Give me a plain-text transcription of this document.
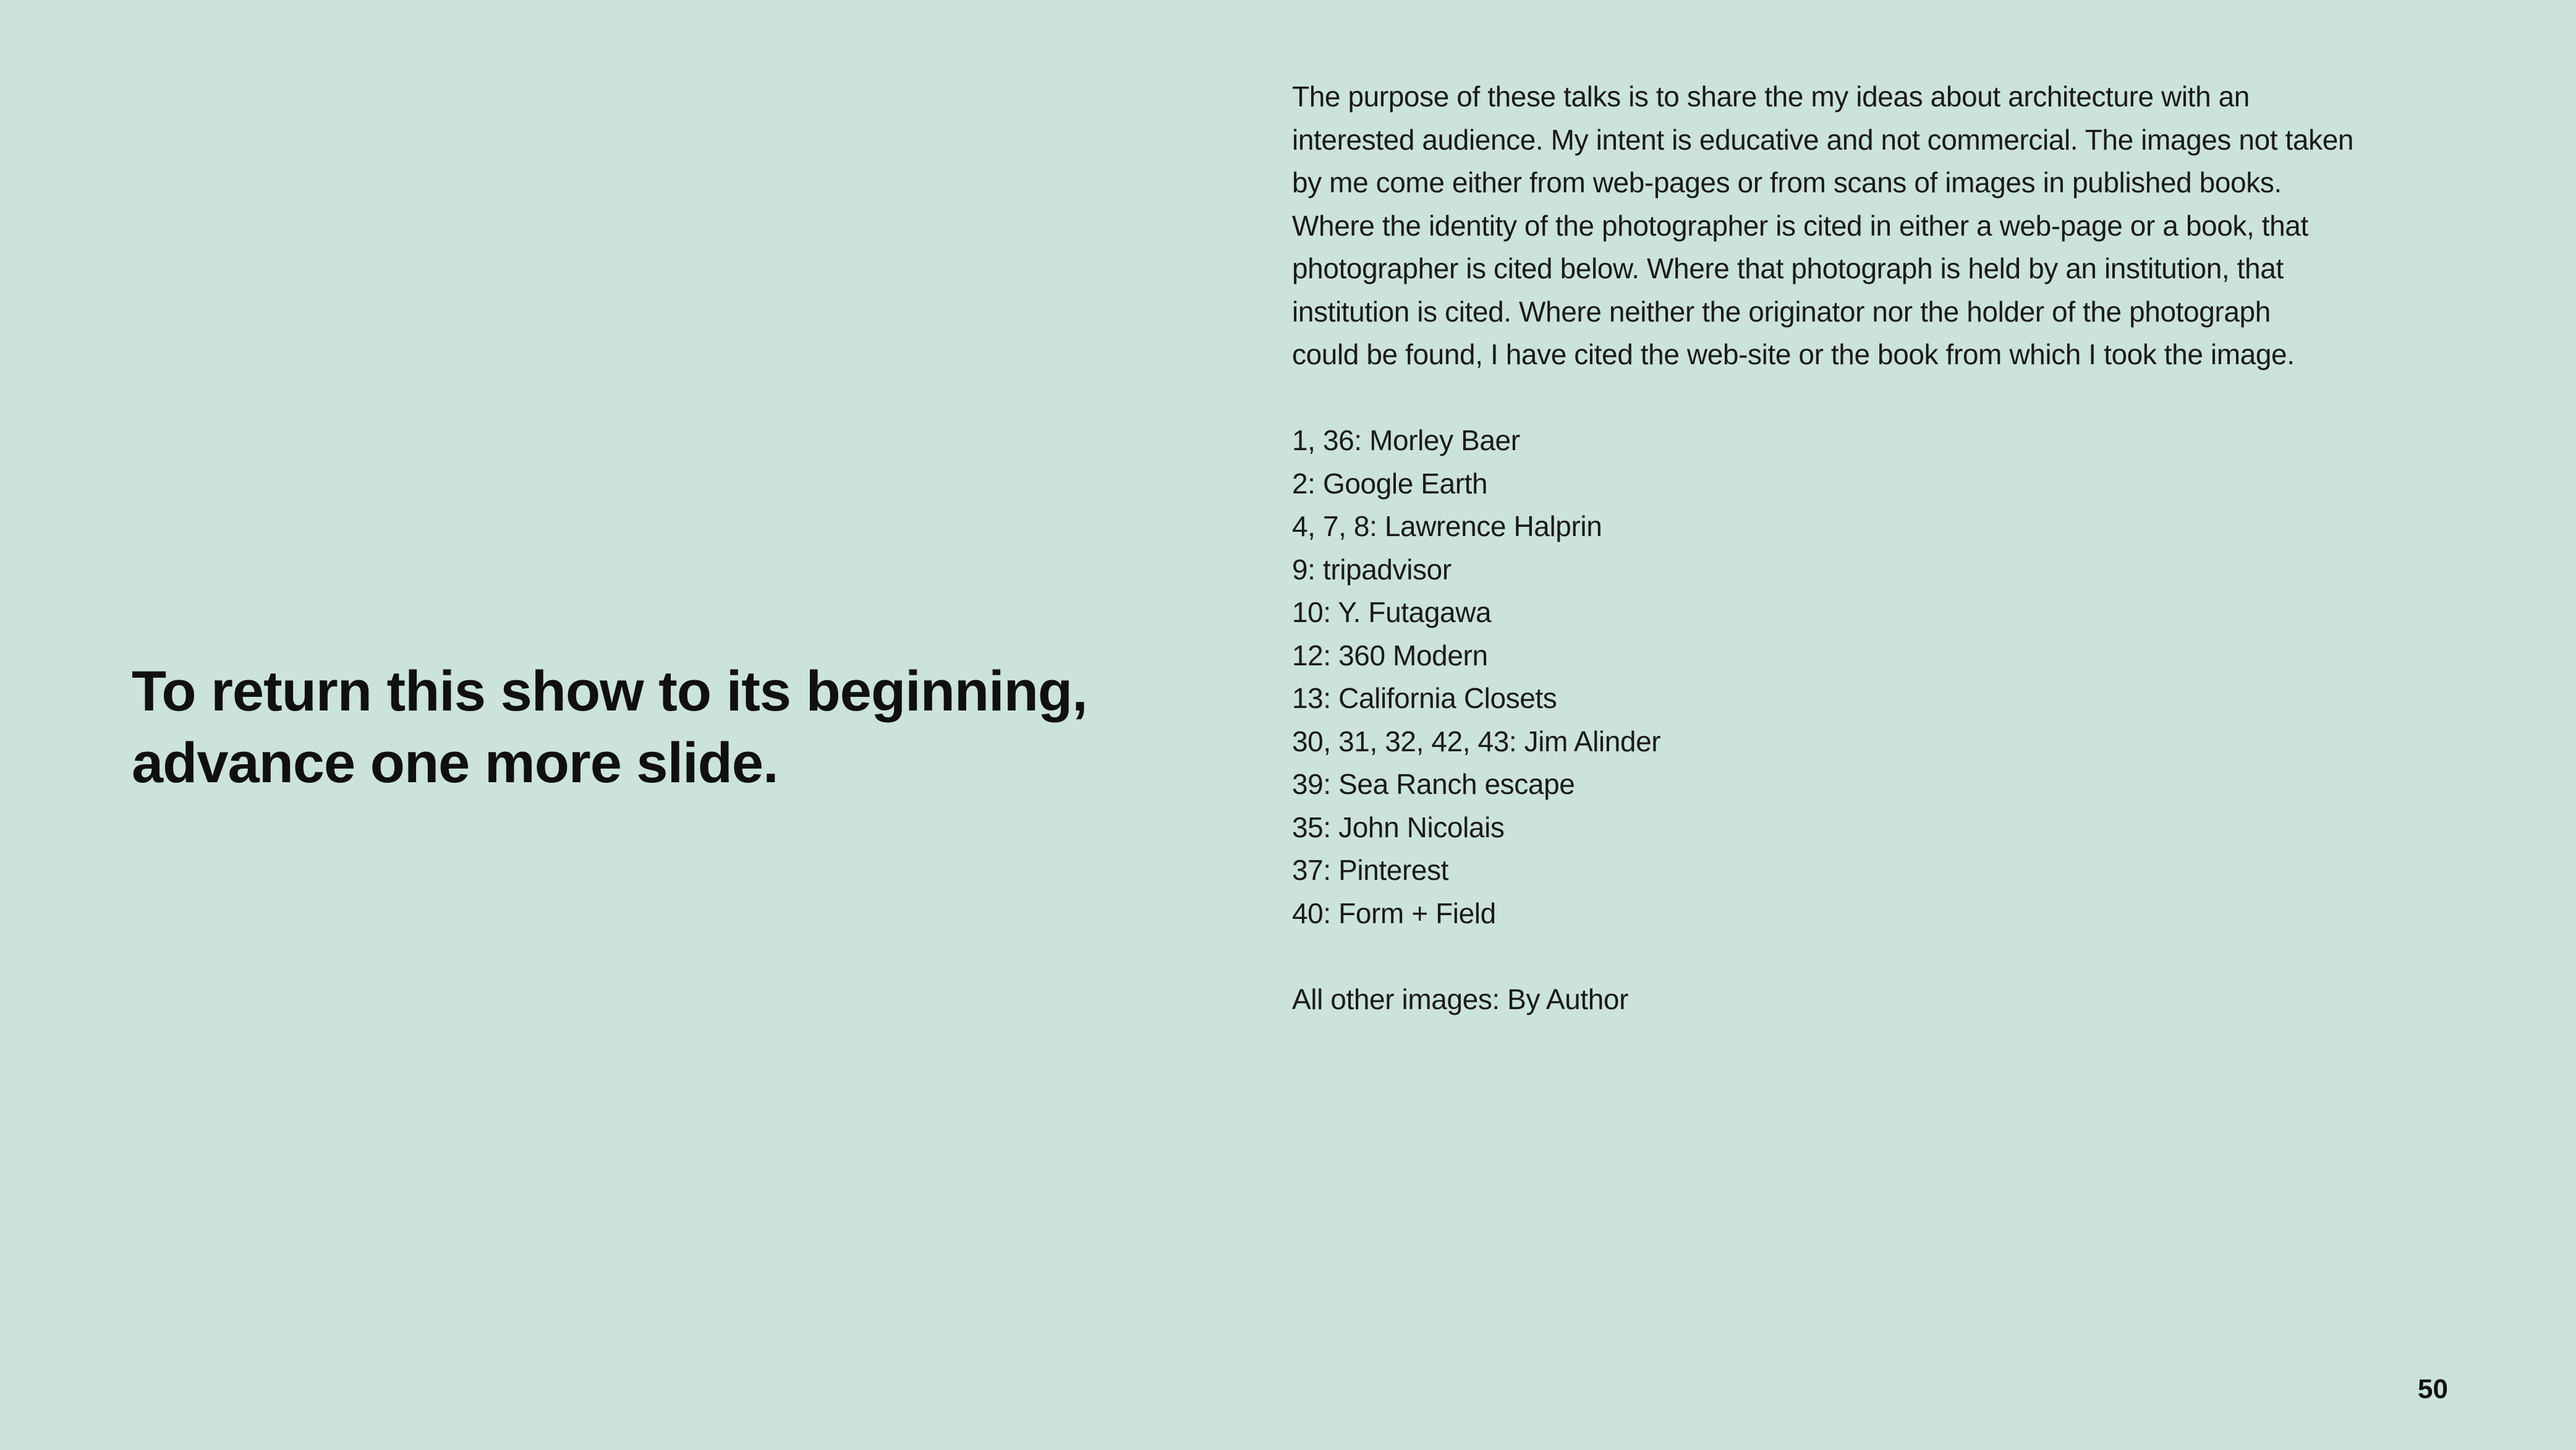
To return this show to its beginning,
advance one more slide.

The purpose of these talks is to share the my ideas about architecture with an

interested audience. My intent is educative and not commercial. The images not taken

by me come either from web-pages or from scans of images in published books.

Where the identity of the photographer is cited in either a web-page or a book, that

photographer is cited below. Where that photograph is held by an institution, that

institution is cited. Where neither the originator nor the holder of the photograph

could be found, I have cited the web-site or the book from which I took the image.

1, 36: Morley Baer

2: Google Earth

4, 7, 8: Lawrence Halprin

9: tripadvisor

10: Y. Futagawa

12: 360 Modern

13: California Closets

30, 31, 32, 42, 43: Jim Alinder

39: Sea Ranch escape

35: John Nicolais

37: Pinterest

40: Form + Field

All other images: By Author

50
